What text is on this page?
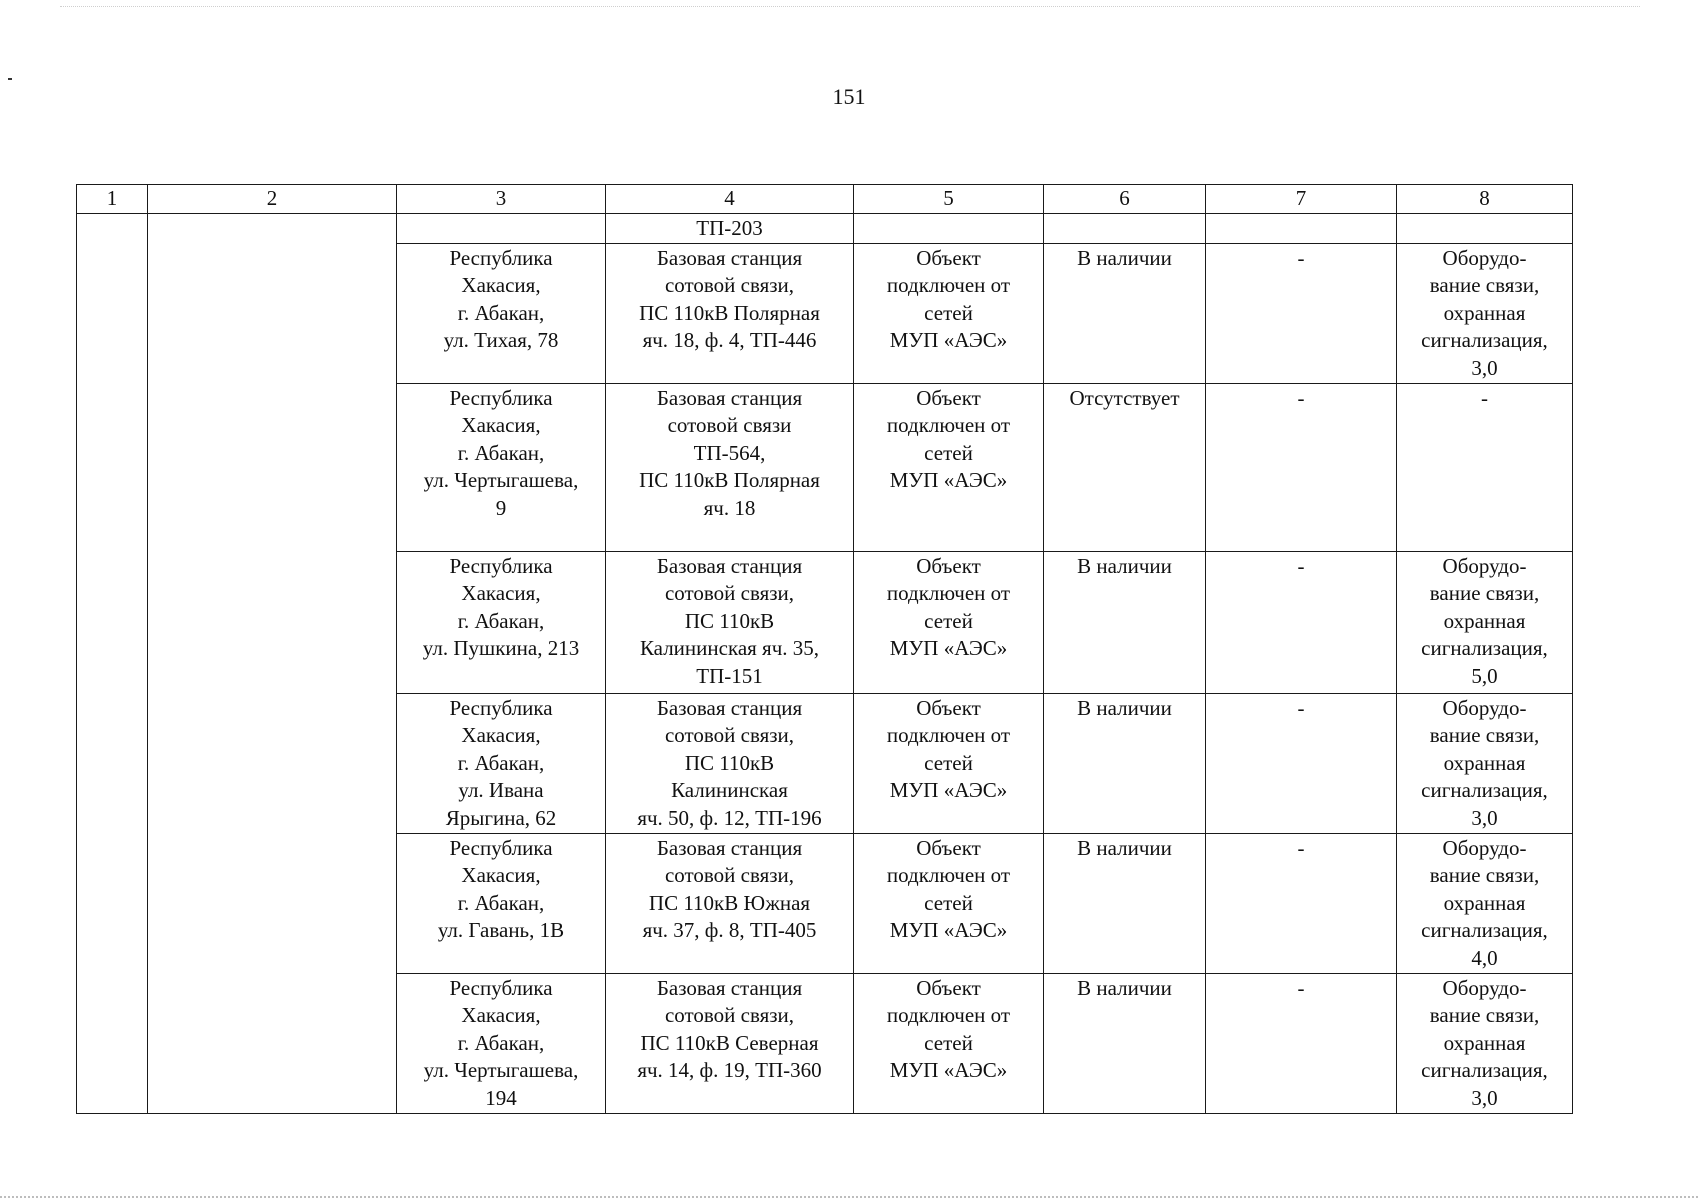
151
1	2	3	4	5	6	7	8
			ТП-203				

		Республика
Хакасия,
г. Абакан,
ул. Тихая, 78	Базовая станция
сотовой связи,
ПС 110кВ Полярная
яч. 18, ф. 4, ТП-446	Объект
подключен от
сетей
МУП «АЭС»	В наличии	-	Оборудо-
вание связи,
охранная
сигнализация,
3,0

		Республика
Хакасия,
г. Абакан,
ул. Чертыгашева,
9	Базовая станция
сотовой связи
ТП-564,
ПС 110кВ Полярная
яч. 18	Объект
подключен от
сетей
МУП «АЭС»	Отсутствует	-	-

		Республика
Хакасия,
г. Абакан,
ул. Пушкина, 213	Базовая станция
сотовой связи,
ПС 110кВ
Калининская яч. 35,
ТП-151	Объект
подключен от
сетей
МУП «АЭС»	В наличии	-	Оборудо-
вание связи,
охранная
сигнализация,
5,0

		Республика
Хакасия,
г. Абакан,
ул. Ивана
Ярыгина, 62	Базовая станция
сотовой связи,
ПС 110кВ
Калининская
яч. 50, ф. 12, ТП-196	Объект
подключен от
сетей
МУП «АЭС»	В наличии	-	Оборудо-
вание связи,
охранная
сигнализация,
3,0

		Республика
Хакасия,
г. Абакан,
ул. Гавань, 1В	Базовая станция
сотовой связи,
ПС 110кВ Южная
яч. 37, ф. 8, ТП-405	Объект
подключен от
сетей
МУП «АЭС»	В наличии	-	Оборудо-
вание связи,
охранная
сигнализация,
4,0

		Республика
Хакасия,
г. Абакан,
ул. Чертыгашева,
194	Базовая станция
сотовой связи,
ПС 110кВ Северная
яч. 14, ф. 19, ТП-360	Объект
подключен от
сетей
МУП «АЭС»	В наличии	-	Оборудо-
вание связи,
охранная
сигнализация,
3,0
